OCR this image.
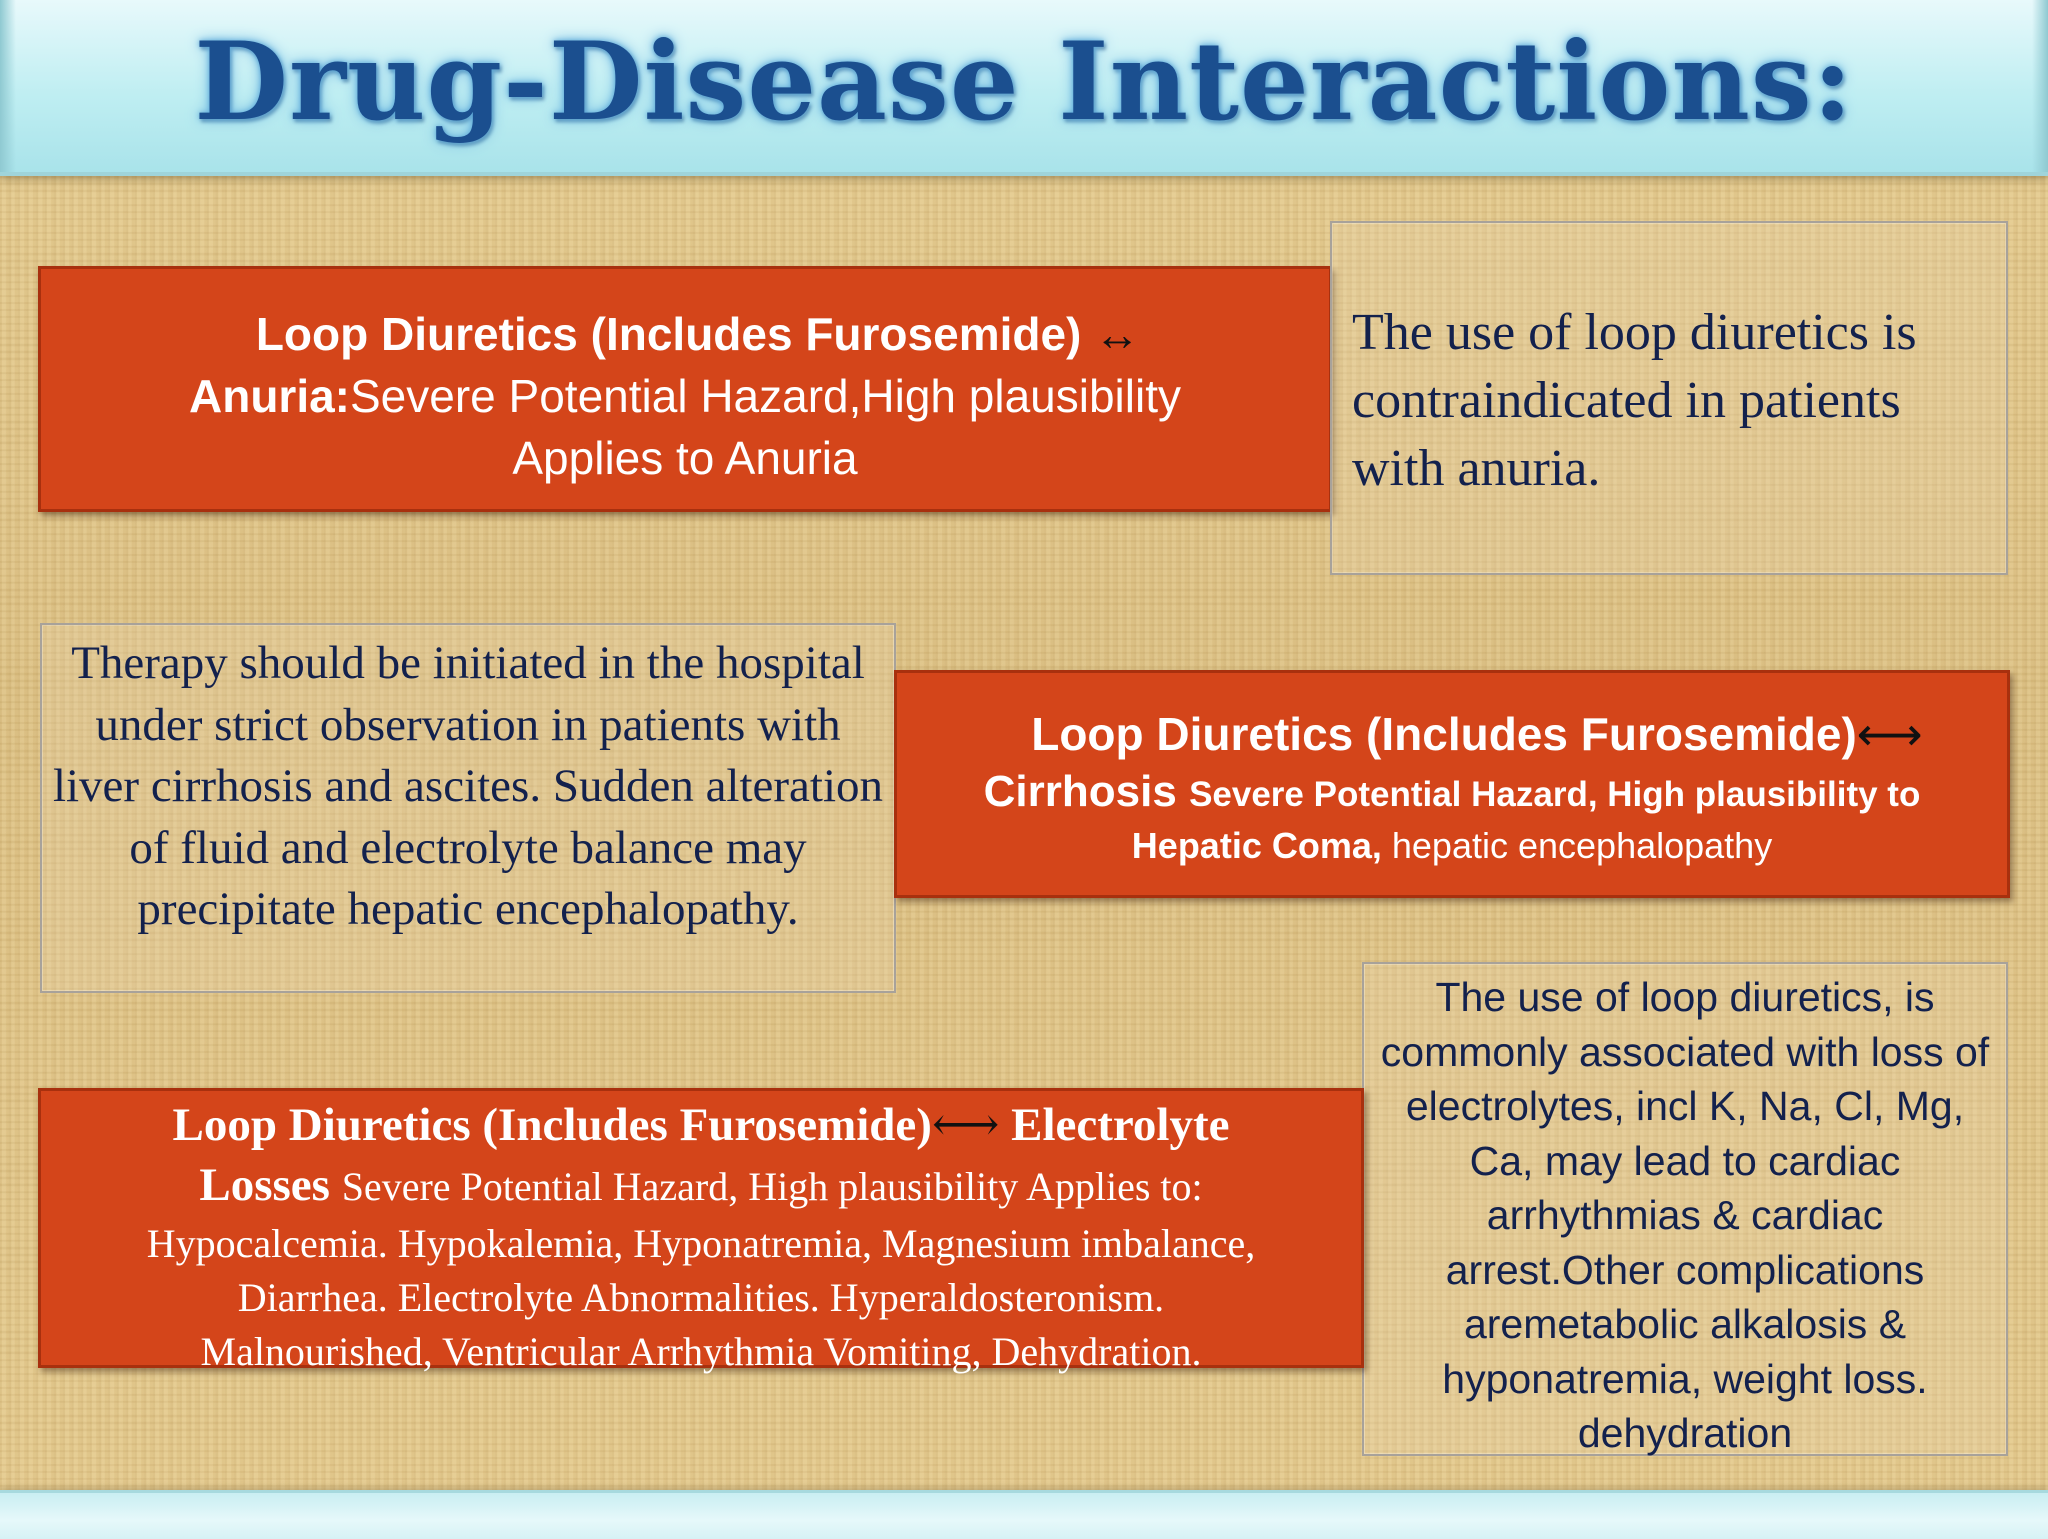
Drug-Disease Interactions:
Loop Diuretics (Includes Furosemide) ↔
Anuria:Severe Potential Hazard,High plausibility
Applies to Anuria
The use of loop diuretics is contraindicated in patients with anuria.
Therapy should be initiated in the hospital under strict observation in patients with liver cirrhosis and ascites. Sudden alteration of fluid and electrolyte balance may precipitate hepatic encephalopathy.
Loop Diuretics (Includes Furosemide)⟷
Cirrhosis Severe Potential Hazard, High plausibility to
Hepatic Coma, hepatic encephalopathy
The use of loop diuretics, is commonly associated with loss of electrolytes, incl K, Na, Cl, Mg, Ca, may lead to cardiac arrhythmias & cardiac arrest.Other complications aremetabolic alkalosis & hyponatremia, weight loss. dehydration
Loop Diuretics (Includes Furosemide)⟷ Electrolyte
Losses Severe Potential Hazard, High plausibility Applies to:
Hypocalcemia. Hypokalemia, Hyponatremia, Magnesium imbalance,
Diarrhea. Electrolyte Abnormalities. Hyperaldosteronism.
Malnourished, Ventricular Arrhythmia Vomiting, Dehydration.
